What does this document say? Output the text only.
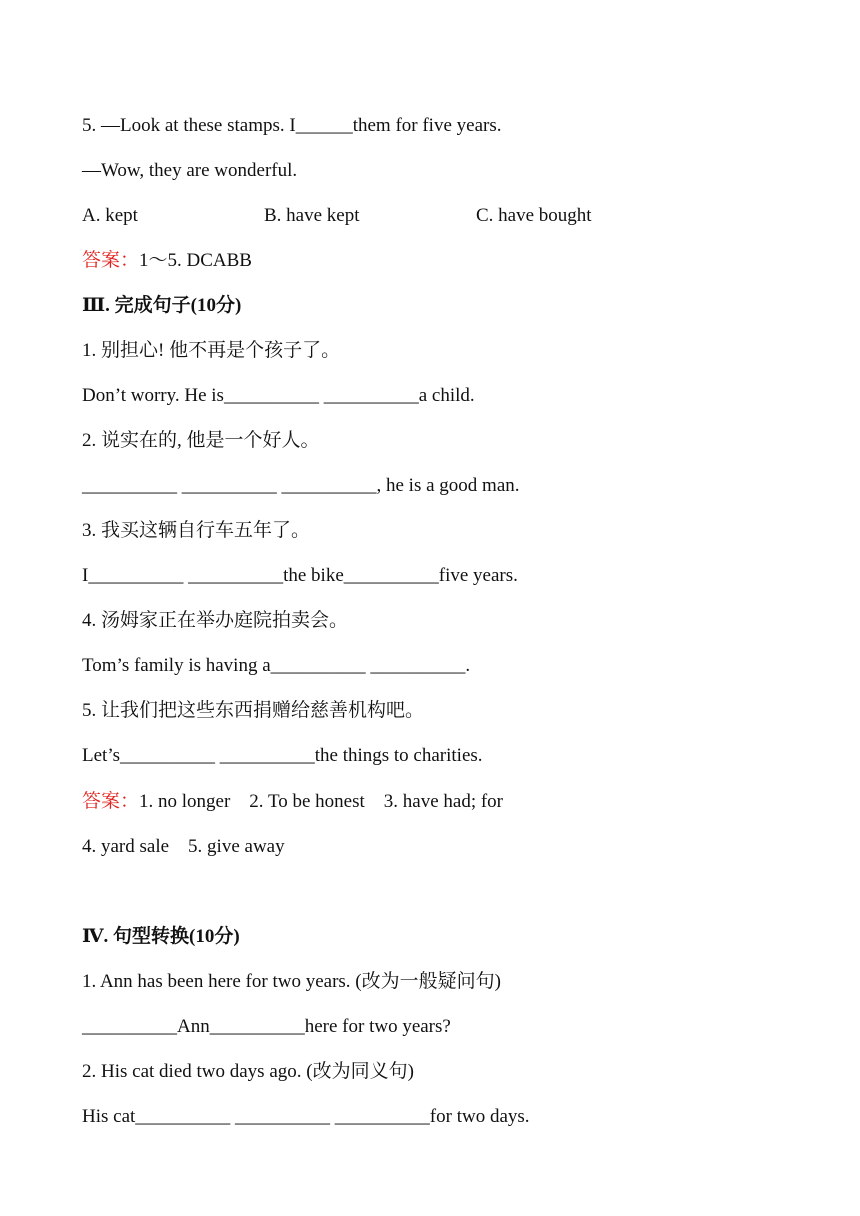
5. —Look at these stamps. I______them for five years.
—Wow, they are wonderful.

A. kept

	B. have kept

	C. have bought

答案：1～5. DCABB
Ⅲ. 完成句子(10分)
1. 别担心! 他不再是个孩子了。
Don’t worry. He is__________ __________a child.
2. 说实在的, 他是一个好人。
__________ __________ __________, he is a good man.
3. 我买这辆自行车五年了。
I__________ __________the bike__________five years.
4. 汤姆家正在举办庭院拍卖会。
Tom’s family is having a__________ __________.
5. 让我们把这些东西捐赠给慈善机构吧。
Let’s__________ __________the things to charities.
答案：1. no longer    2. To be honest    3. have had; for
4. yard sale    5. give away
Ⅳ. 句型转换(10分)
1. Ann has been here for two years. (改为一般疑问句)
__________Ann__________here for two years?
2. His cat died two days ago. (改为同义句)
His cat__________ __________ __________for two days.
